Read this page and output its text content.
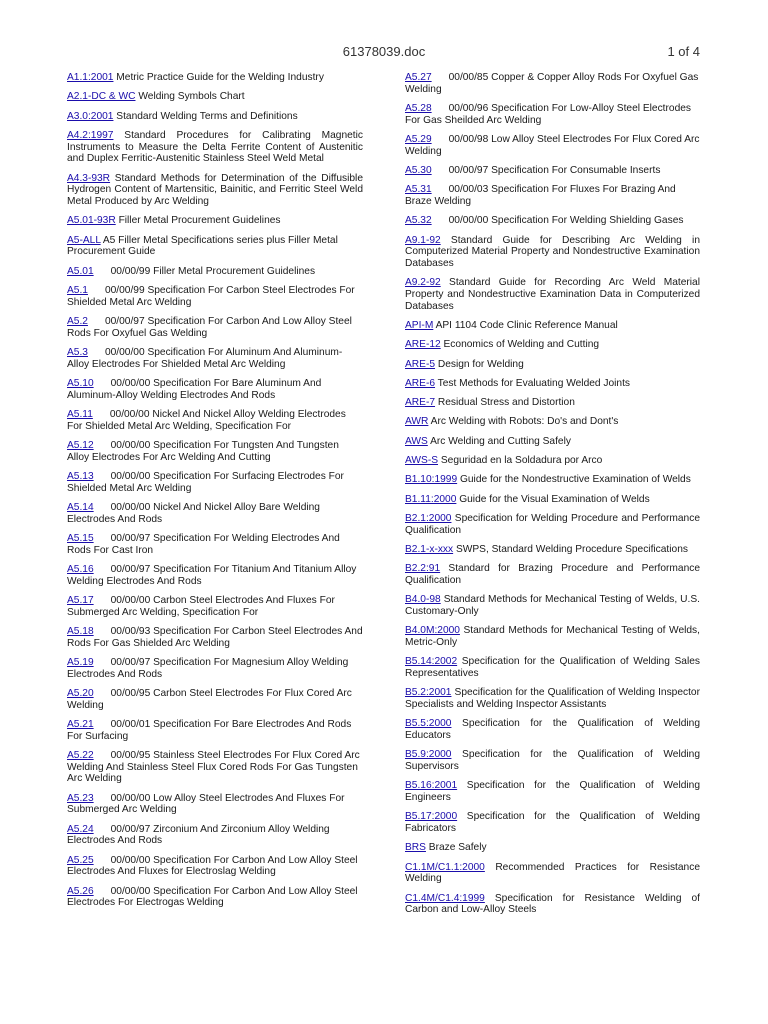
61378039.doc	1 of 4

A1.1:2001 Metric Practice Guide for the Welding Industry

A2.1-DC & WC Welding Symbols Chart

A3.0:2001 Standard Welding Terms and Definitions

A4.2:1997 Standard Procedures for Calibrating Magnetic Instruments to Measure the Delta Ferrite Content of Austenitic and Duplex Ferritic-Austenitic Stainless Steel Weld Metal

A4.3-93R Standard Methods for Determination of the Diffusible Hydrogen Content of Martensitic, Bainitic, and Ferritic Steel Weld Metal Produced by Arc Welding

A5.01-93R Filler Metal Procurement Guidelines

A5-ALL A5 Filler Metal Specifications series plus Filler Metal Procurement Guide

A5.01 00/00/99 Filler Metal Procurement Guidelines

A5.1 00/00/99 Specification For Carbon Steel Electrodes For Shielded Metal Arc Welding

A5.2 00/00/97 Specification For Carbon And Low Alloy Steel Rods For Oxyfuel Gas Welding

A5.3 00/00/00 Specification For Aluminum And Aluminum-Alloy Electrodes For Shielded Metal Arc Welding

A5.10 00/00/00 Specification For Bare Aluminum And Aluminum-Alloy Welding Electrodes And Rods

A5.11 00/00/00 Nickel And Nickel Alloy Welding Electrodes For Shielded Metal Arc Welding, Specification For

A5.12 00/00/00 Specification For Tungsten And Tungsten Alloy Electrodes For Arc Welding And Cutting

A5.13 00/00/00 Specification For Surfacing Electrodes For Shielded Metal Arc Welding

A5.14 00/00/00 Nickel And Nickel Alloy Bare Welding Electrodes And Rods

A5.15 00/00/97 Specification For Welding Electrodes And Rods For Cast Iron

A5.16 00/00/97 Specification For Titanium And Titanium Alloy Welding Electrodes And Rods

A5.17 00/00/00 Carbon Steel Electrodes And Fluxes For Submerged Arc Welding, Specification For

A5.18 00/00/93 Specification For Carbon Steel Electrodes And Rods For Gas Shielded Arc Welding

A5.19 00/00/97 Specification For Magnesium Alloy Welding Electrodes And Rods

A5.20 00/00/95 Carbon Steel Electrodes For Flux Cored Arc Welding

A5.21 00/00/01 Specification For Bare Electrodes And Rods For Surfacing

A5.22 00/00/95 Stainless Steel Electrodes For Flux Cored Arc Welding And Stainless Steel Flux Cored Rods For Gas Tungsten Arc Welding

A5.23 00/00/00 Low Alloy Steel Electrodes And Fluxes For Submerged Arc Welding

A5.24 00/00/97 Zirconium And Zirconium Alloy Welding Electrodes And Rods

A5.25 00/00/00 Specification For Carbon And Low Alloy Steel Electrodes And Fluxes for Electroslag Welding

A5.26 00/00/00 Specification For Carbon And Low Alloy Steel Electrodes For Electrogas Welding

A5.27 00/00/85 Copper & Copper Alloy Rods For Oxyfuel Gas Welding

A5.28 00/00/96 Specification For Low-Alloy Steel Electrodes For Gas Sheilded Arc Welding

A5.29 00/00/98 Low Alloy Steel Electrodes For Flux Cored Arc Welding

A5.30 00/00/97 Specification For Consumable Inserts

A5.31 00/00/03 Specification For Fluxes For Brazing And Braze Welding

A5.32 00/00/00 Specification For Welding Shielding Gases

A9.1-92 Standard Guide for Describing Arc Welding in Computerized Material Property and Nondestructive Examination Databases

A9.2-92 Standard Guide for Recording Arc Weld Material Property and Nondestructive Examination Data in Computerized Databases

API-M API 1104 Code Clinic Reference Manual

ARE-12 Economics of Welding and Cutting

ARE-5 Design for Welding

ARE-6 Test Methods for Evaluating Welded Joints

ARE-7 Residual Stress and Distortion

AWR Arc Welding with Robots: Do's and Dont's

AWS Arc Welding and Cutting Safely

AWS-S Seguridad en la Soldadura por Arco

B1.10:1999 Guide for the Nondestructive Examination of Welds

B1.11:2000 Guide for the Visual Examination of Welds

B2.1:2000 Specification for Welding Procedure and Performance Qualification

B2.1-x-xxx SWPS, Standard Welding Procedure Specifications

B2.2:91 Standard for Brazing Procedure and Performance Qualification

B4.0-98 Standard Methods for Mechanical Testing of Welds, U.S. Customary-Only

B4.0M:2000 Standard Methods for Mechanical Testing of Welds, Metric-Only

B5.14:2002 Specification for the Qualification of Welding Sales Representatives

B5.2:2001 Specification for the Qualification of Welding Inspector Specialists and Welding Inspector Assistants

B5.5:2000 Specification for the Qualification of Welding Educators

B5.9:2000 Specification for the Qualification of Welding Supervisors

B5.16:2001 Specification for the Qualification of Welding Engineers

B5.17:2000 Specification for the Qualification of Welding Fabricators

BRS Braze Safely

C1.1M/C1.1:2000 Recommended Practices for Resistance Welding

C1.4M/C1.4:1999 Specification for Resistance Welding of Carbon and Low-Alloy Steels
